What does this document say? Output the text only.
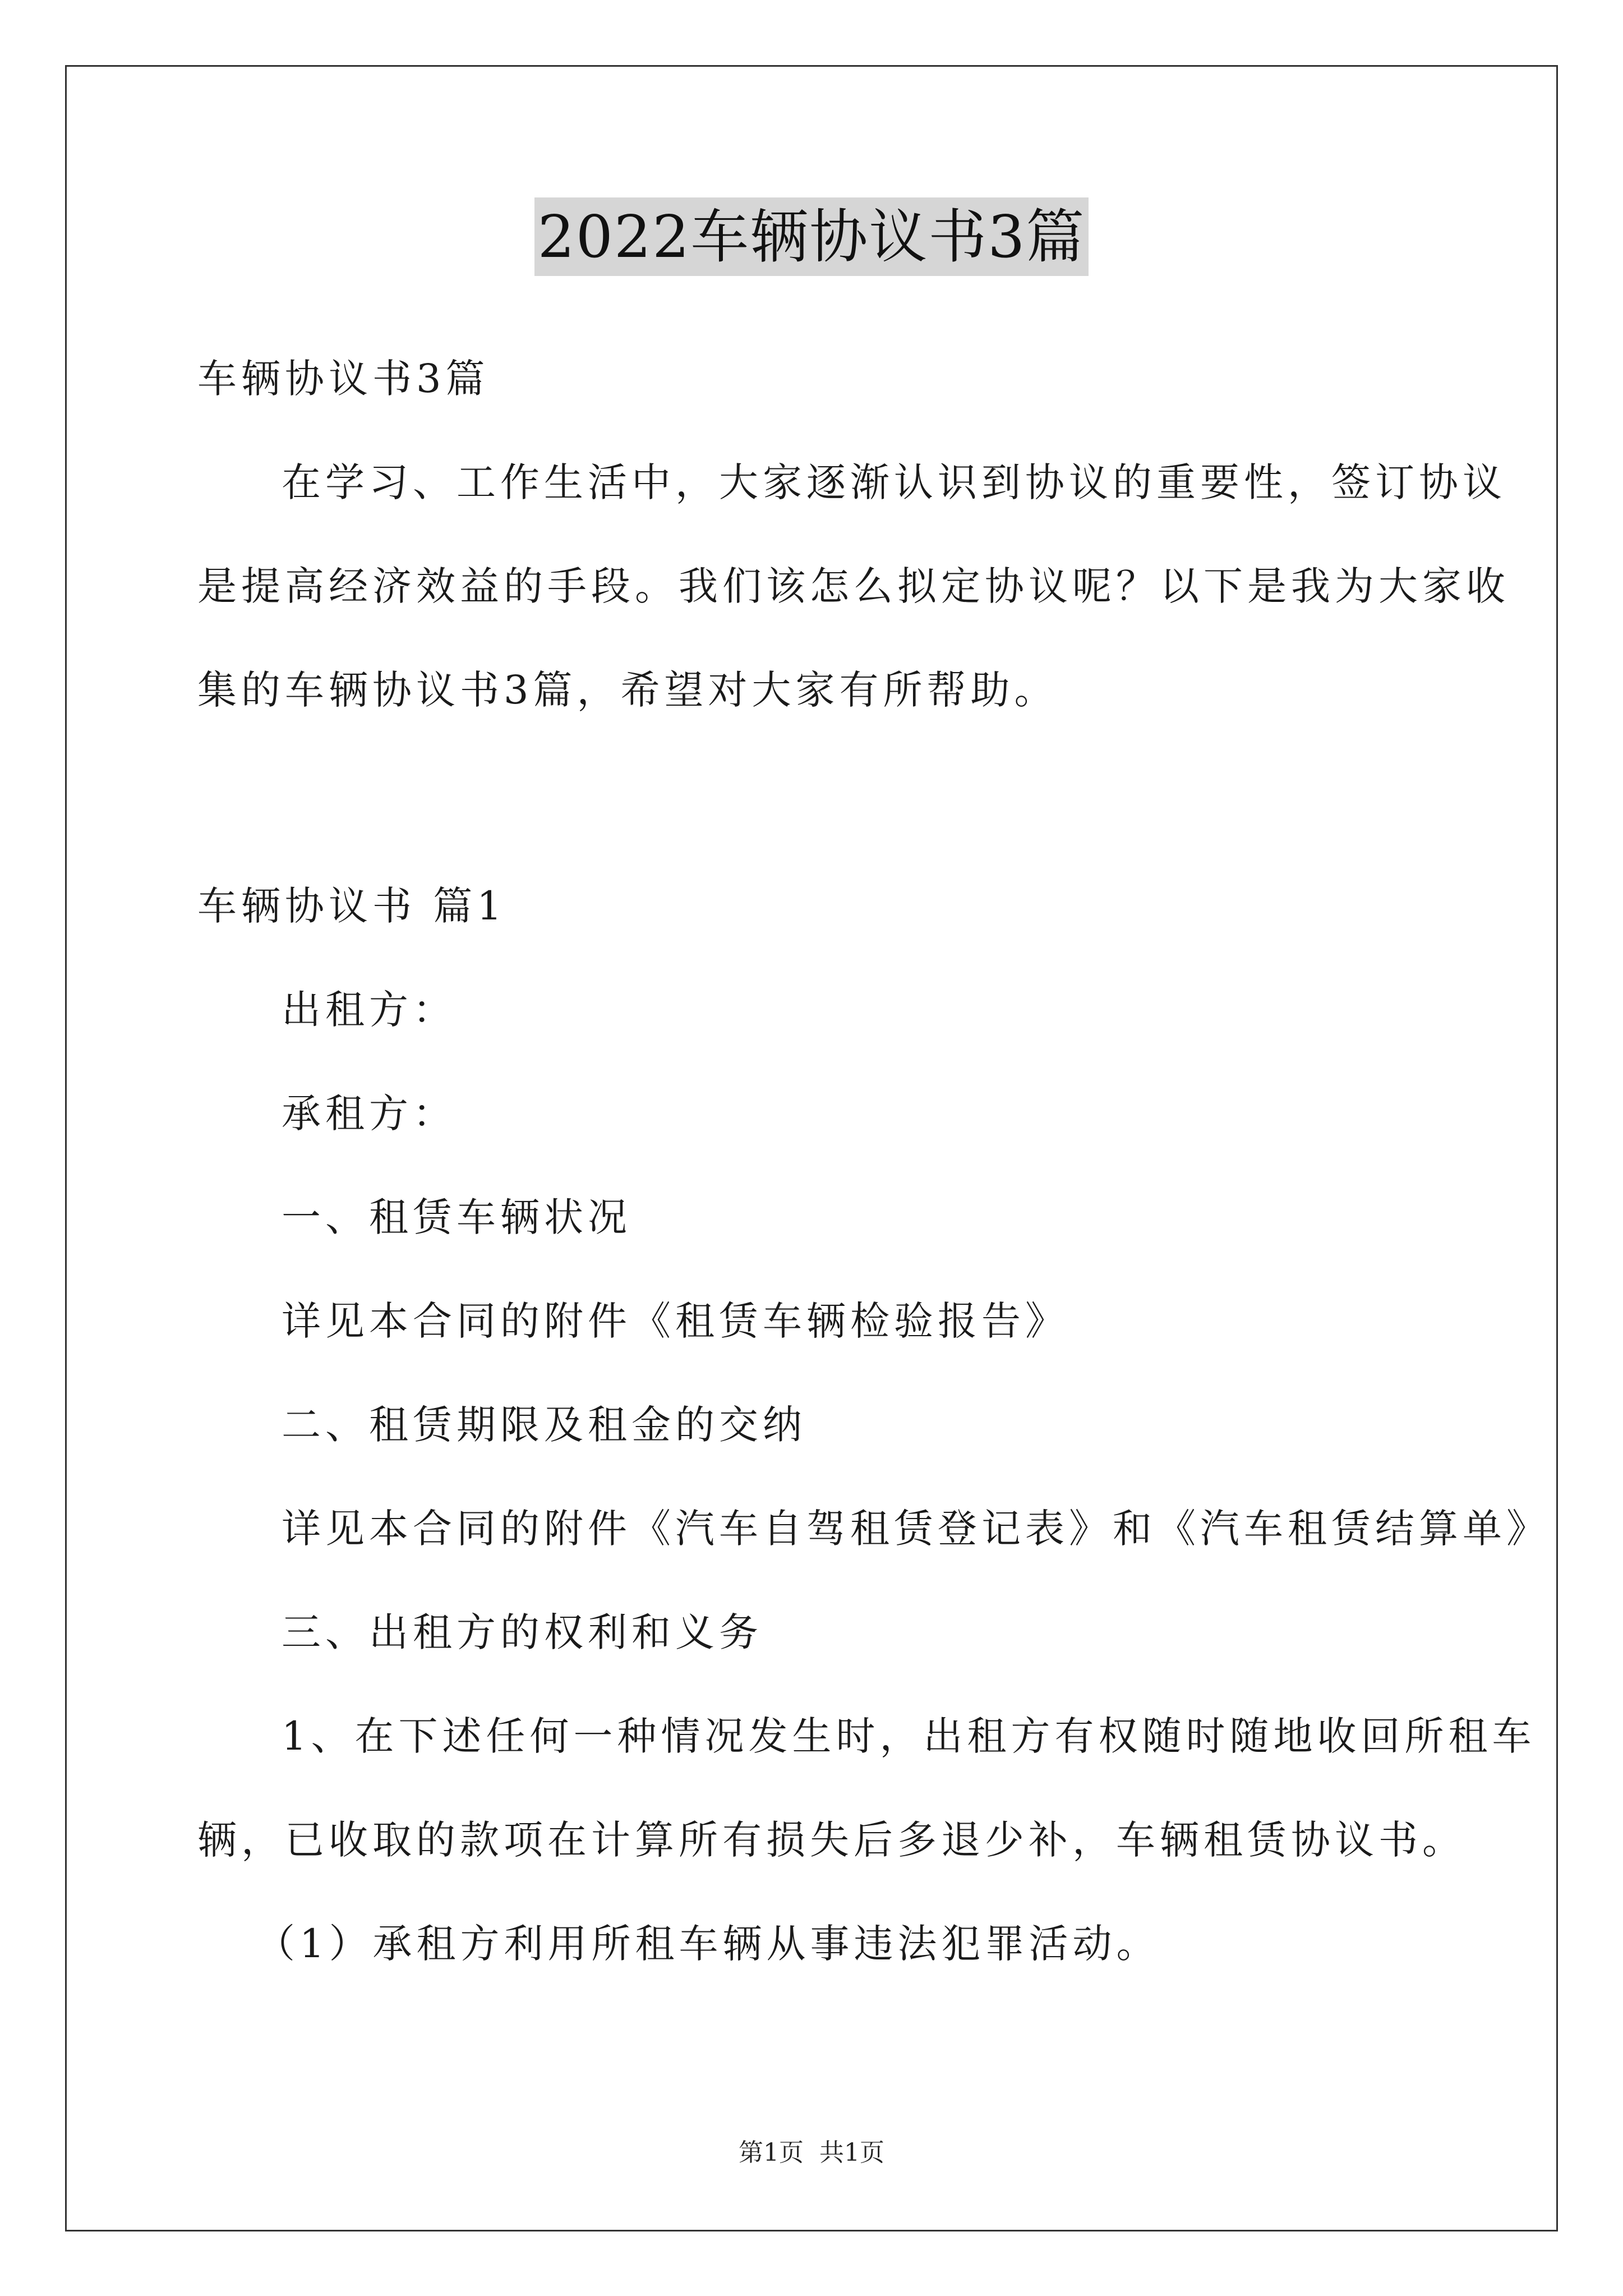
2022车辆协议书3篇
车辆协议书3篇
在学习、工作生活中，大家逐渐认识到协议的重要性，签订协议
是提高经济效益的手段。我们该怎么拟定协议呢？以下是我为大家收
集的车辆协议书3篇，希望对大家有所帮助。
车辆协议书 篇1
出租方：
承租方：
一、租赁车辆状况
详见本合同的附件《租赁车辆检验报告》
二、租赁期限及租金的交纳
详见本合同的附件《汽车自驾租赁登记表》和《汽车租赁结算单》
三、出租方的权利和义务
1、在下述任何一种情况发生时，出租方有权随时随地收回所租车
辆，已收取的款项在计算所有损失后多退少补，车辆租赁协议书。
（1）承租方利用所租车辆从事违法犯罪活动。
第1页 共1页
